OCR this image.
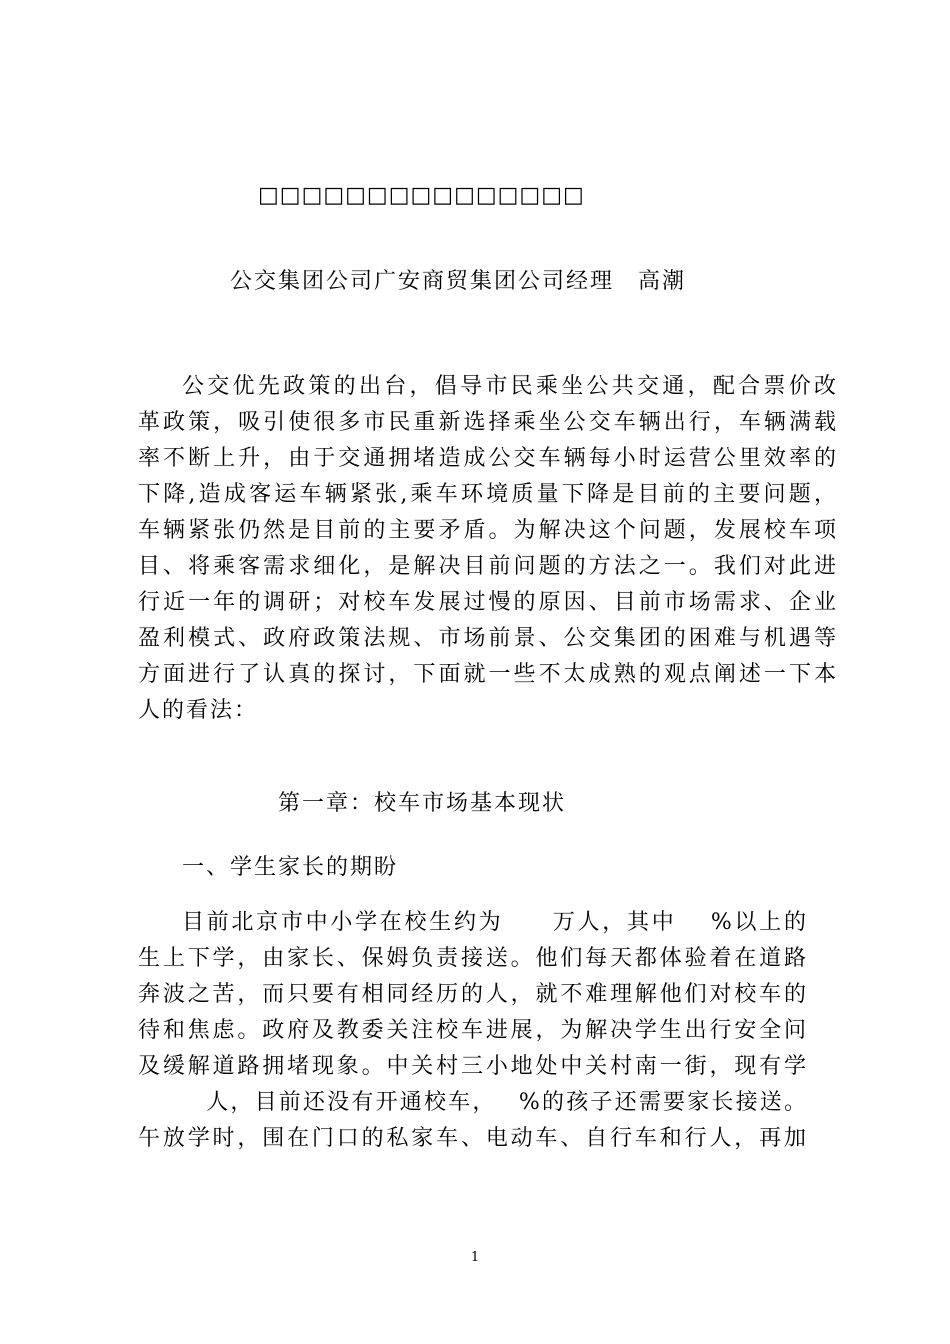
□□□□□□□□□□□□□□□
公交集团公司广安商贸集团公司经理　高潮
公交优先政策的出台，倡导市民乘坐公共交通，配合票价改
革政策，吸引使很多市民重新选择乘坐公交车辆出行，车辆满载
率不断上升，由于交通拥堵造成公交车辆每小时运营公里效率的
下降,造成客运车辆紧张,乘车环境质量下降是目前的主要问题，
车辆紧张仍然是目前的主要矛盾。为解决这个问题，发展校车项
目、将乘客需求细化，是解决目前问题的方法之一。我们对此进
行近一年的调研；对校车发展过慢的原因、目前市场需求、企业
盈利模式、政府政策法规、市场前景、公交集团的困难与机遇等
方面进行了认真的探讨，下面就一些不太成熟的观点阐述一下本
人的看法：
第一章：校车市场基本现状
一、学生家长的期盼
目前北京市中小学在校生约为　　万人，其中　 %以上的
生上下学，由家长、保姆负责接送。他们每天都体验着在道路
奔波之苦，而只要有相同经历的人，就不难理解他们对校车的
待和焦虑。政府及教委关注校车进展，为解决学生出行安全问
及缓解道路拥堵现象。中关村三小地处中关村南一街，现有学
　人，目前还没有开通校车，　 %的孩子还需要家长接送。
午放学时，围在门口的私家车、电动车、自行车和行人，再加
1
